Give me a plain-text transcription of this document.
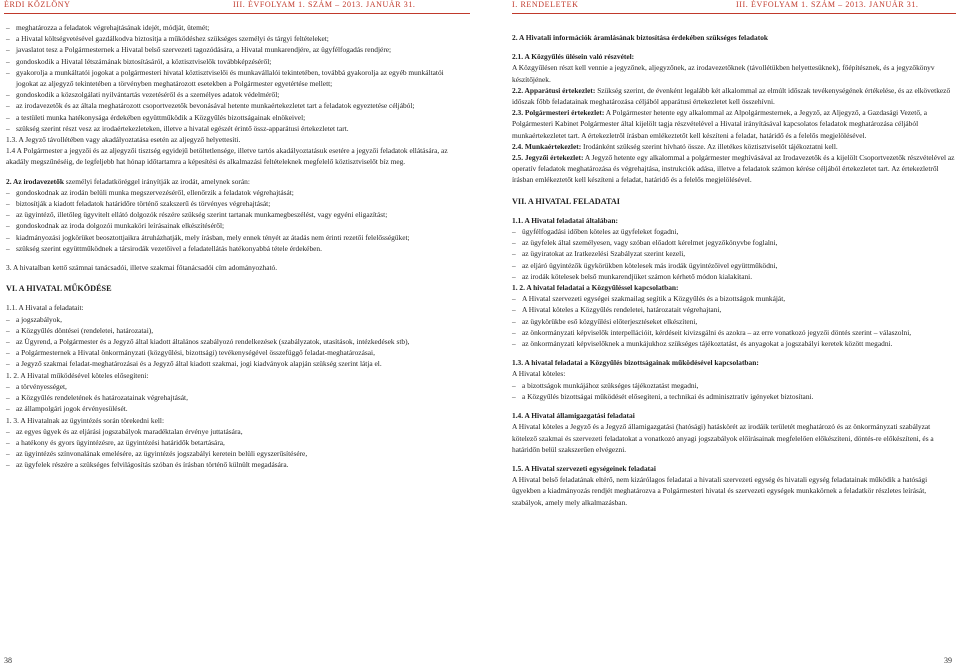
ÉRDI KÖZLÖNY	III. ÉVFOLYAM 1. SZÁM – 2013. JANUÁR 31.	I. RENDELETEK	III. ÉVFOLYAM 1. SZÁM – 2013. JANUÁR 31.

– meghatározza a feladatok végrehajtásának idejét, módját, ütemét;

– a Hivatal költségvetésével gazdálkodva biztosítja a működéshez szükséges személyi és tárgyi feltételeket;

– javaslatot tesz a Polgármesternek a Hivatal belső szervezeti tagozódására, a Hivatal munkarendjére, az ügyfélfogadás rendjére;

– gondoskodik a Hivatal létszámának biztosításáról, a köztisztviselők továbbképzéséről;

– gyakorolja a munkáltatói jogokat a polgármesteri hivatal köztisztviselői és munkavállalói tekintetében, továbbá gyakorolja az egyéb munkáltatói jogokat az aljegyző tekintetében a törvényben meghatározott esetekben a Polgármester egyetértése mellett;

– gondoskodik a közszolgálati nyilvántartás vezetéséről és a személyes adatok védelméről;

– az irodavezetők és az általa meghatározott csoportvezetők bevonásával hetente munkaértekezletet tart a feladatok egyeztetése céljából;

– a testületi munka hatékonysága érdekében együttműködik a Közgyűlés bizottságainak elnökeivel;

– szükség szerint részt vesz az irodaértekezleteken, illetve a hivatal egészét érintő össz-apparátusi értekezletet tart.

1.3. A Jegyző távollétében vagy akadályoztatása esetén az aljegyző helyettesíti.

1.4 A Polgármester a jegyzői és az aljegyzői tisztség egyidejű betöltetlensége, illetve tartós akadályoztatásuk esetére a jegyzői feladatok ellátására, az akadály megszűnéséig, de legfeljebb hat hónap időtartamra a képesítési és alkalmazási feltételeknek megfelelő köztisztviselőt bíz meg.

2. Az irodavezetők személyi feladatköréggel irányítják az irodát, amelynek során:

– gondoskodnak az irodán belüli munka megszervezéséről, ellenőrzik a feladatok végrehajtását;

– biztosítják a kiadott feladatok határidőre történő szakszerű és törvényes végrehajtását;

– az ügyintéző, illetőleg ügyvitelt ellátó dolgozók részére szükség szerint tartanak munkamegbeszélést, vagy egyéni eligazítást;

– gondoskodnak az iroda dolgozói munkaköri leírásainak elkészítéséről;

– kiadmányozási jogkörüket beosztottjaikra átruházhatják, mely írásban, mely ennek tényét az átadás nem érinti rezetői felelősségüket;

– szükség szerint együttműködnek a társirodák vezetőivel a feladatellátás hatékonyabbá tétele érdekében.

3. A hivatalban kettő számnai tanácsadói, illetve szakmai főtanácsadói cím adományozható.

VI. A HIVATAL MŰKÖDÉSE

1.1. A Hivatal a feladatait:

– a jogszabályok,

– a Közgyűlés döntései (rendeletei, határozatai),

– az Ügyrend, a Polgármester és a Jegyző által kiadott általános szabályozó rendelkezések (szabályzatok, utasítások, intézkedések stb),

– a Polgármesternek a Hivatal önkormányzati (közgyűlési, bizottsági) tevékenységével összefüggő feladat-meghatározásai,

– a Jegyző szakmai feladat-meghatározásai és a Jegyző által kiadott szakmai, jogi kiadványok alapján szükség szerint látja el.

1. 2. A Hivatal működésével köteles elősegíteni:

– a törvényességet,

– a Közgyűlés rendeletének és határozatainak végrehajtását,

– az állampolgári jogok érvényesülését.

1. 3. A Hivatalnak az ügyintézés során törekedni kell:

– az egyes ügyek és az eljárási jogszabályok maradéktalan érvénye juttatására,

– a hatékony és gyors ügyintézésre, az ügyintézési határidők betartására,

– az ügyintézés színvonalának emelésére, az ügyintézés jogszabályi keretein belüli egyszerűsítésére,

– az ügyfelek részére a szükséges felvilágosítás szóban és írásban történő külnült megadására.

2. A Hivatali információk áramlásának biztosítása érdekében szükséges feladatok

2.1. A Közgyűlés ülésein való részvétel:

A Közgyűlésen részt kell vennie a jegyzőnek, aljegyzőnek, az irodavezetőknek (távollétükben helyettesüknek), főépítésznek, és a jegyzőkönyv készítőjének.

2.2. Apparátusi értekezlet: Szükség szerint, de évenként legalább két alkalommal az elmúlt időszak tevékenységének értékelése, és az elkövetkező időszak főbb feladatainak meghatározása céljából apparátusi értekezletet kell összehívni.

2.3. Polgármesteri értekezlet: A Polgármester hetente egy alkalommal az Alpolgármesternek, a Jegyző, az Aljegyző, a Gazdasági Vezető, a Polgármesteri Kabinet Polgármester által kijelölt tagja részvételével a Hivatal irányításával kapcsolatos feladatok meghatározása céljából munkaértekezletet tart. A értekezletről írásban emlékeztetőt kell készíteni a feladat, határidő és a felelős megjelölésével.

2.4. Munkaértekezlet: Irodánként szükség szerint hívható össze. Az illetékes köztisztviselőt tájékoztatni kell.

2.5. Jegyzői értekezlet: A Jegyző hetente egy alkalommal a polgármester meghívásával az Irodavezetők és a kijelölt Csoportvezetők részvételével az operatív feladatok meghatározása és végrehajtása, instrukciók adása, illetve a feladatok számon kérése céljából értekezletet tart. Az értekezletről írásban emlékeztetőt kell készíteni a feladat, határidő és a felelős megjelölésével.

VII. A HIVATAL FELADATAI

1.1. A Hivatal feladatai általában:

– ügyfélfogadási időben köteles az ügyfeleket fogadni,

– az ügyfelek által személyesen, vagy szóban előadott kérelmet jegyzőkönyvbe foglalni,

– az ügyiratokat az Iratkezelési Szabályzat szerint kezeli,

– az eljáró ügyintézők ügykörükben kötelesek más irodák ügyintézőivel együttműködni,

– az irodák kötelesek belső munkarendjüket számon kérhető módon kialakítani.

1. 2. A hivatal feladatai a Közgyűléssel kapcsolatban:

– A Hivatal szervezeti egységei szakmailag segítik a Közgyűlés és a bizottságok munkáját,

– A Hivatal köteles a Közgyűlés rendeletei, határozatait végrehajtani,

– az ügykörükbe eső közgyűlési előterjesztéseket elkészíteni,

– az önkormányzati képviselők interpellációit, kérdéseit kivizsgálni és azokra – az erre vonatkozó jegyzői döntés szerint – válaszolni,

– az önkormányzati képviselőknek a munkájukhoz szükséges tájékoztatást, és anyagokat a jogszabályi keretek között megadni.

1.3. A hivatal feladatai a Közgyűlés bizottságainak működésével kapcsolatban:

A Hivatal köteles:

– a bizottságok munkájához szükséges tájékoztatást megadni,

– a Közgyűlés bizottságai működését elősegíteni, a technikai és adminisztratív igényeket biztosítani.

1.4. A Hivatal államigazgatási feladatai

A Hivatal köteles a Jegyző és a Jegyző államigazgatási (hatósági) hatáskörét az irodáik területét meghatározó és az önkormányzati szabályzat kötelező szakmai és szervezeti feladatokat a vonatkozó anyagi jogszabályok előírásainak megfelelően előkészíteni, döntés-re előkészíteni, és a határidőn belül szakszerűen elvégezni.

1.5. A Hivatal szervezeti egységeinek feladatai

A Hivatal belső feladatának eltérő, nem kizárólagos feladatai a hivatali szervezeti egység és hivatali egység feladatainak működik a hatósági ügyekben a kiadmányozás rendjét meghatározva a Polgármesteri hivatal és szervezeti egységek munkakörnek a feladatkör részletes leírását, szabályok, amely mely alkalmazásban.

38	39
